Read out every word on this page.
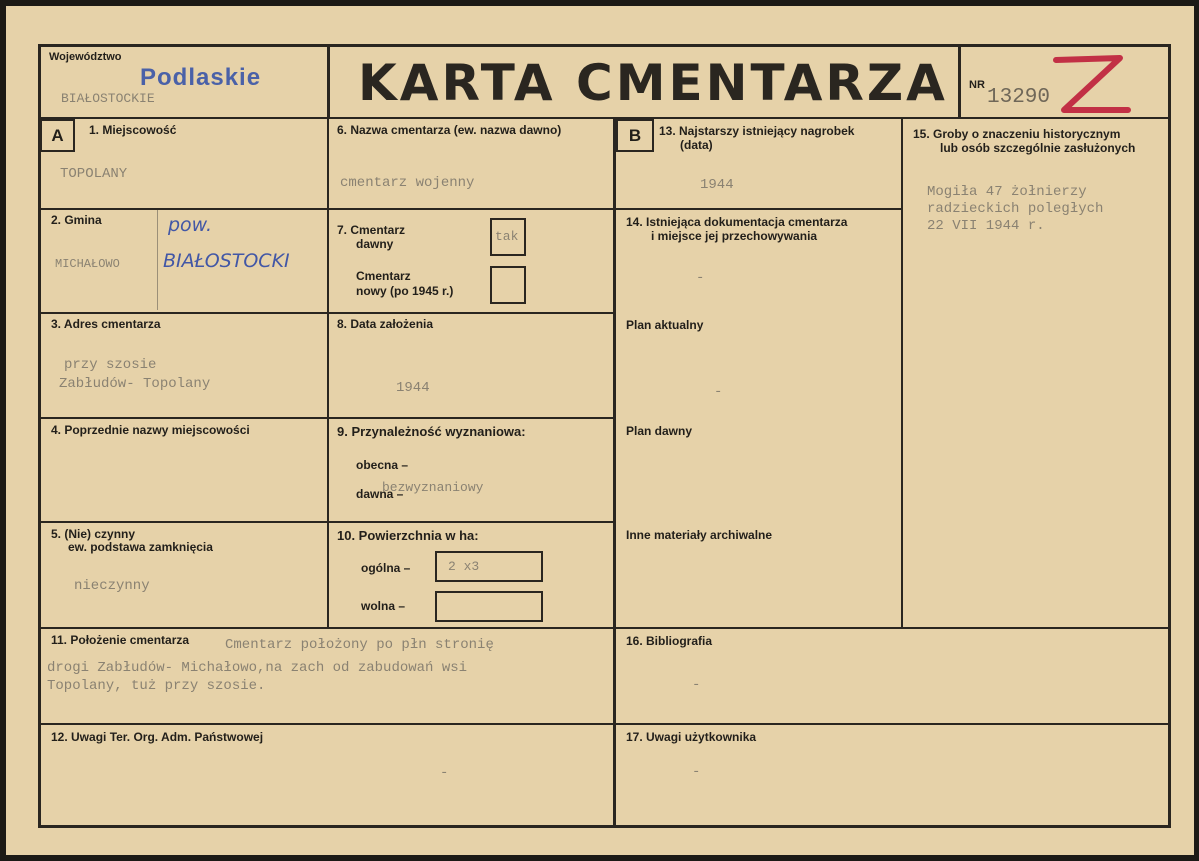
Województwo
Podlaskie
BIAŁOSTOCKIE	KARTA CMENTARZA NR
13290
A	B
1. Miejscowość
TOPOLANY
2. Gmina	pow.
MICHAŁOWO BIAŁOSTOCKI
3. Adres cmentarza
przy szosie
Zabłudów- Topolany
4. Poprzednie nazwy miejscowości
5. (Nie) czynny
ew. podstawa zamknięcia
nieczynny
6. Nazwa cmentarza (ew. nazwa dawno)
cmentarz wojenny
7. Cmentarz
dawny	tak
Cmentarz
nowy (po 1945 r.)
8. Data założenia
1944
9. Przynależność wyznaniowa:
obecna –
bezwyznaniowy
dawna –
10. Powierzchnia w ha:
ogólna –	2 x3
wolna –
11. Położenie cmentarza	Cmentarz położony po płn stronię
drogi Zabłudów- Michałowo,na zach od zabudowań wsi
Topolany, tuż przy szosie.
12. Uwagi Ter. Org. Adm. Państwowej
-
13. Najstarszy istniejący nagrobek
(data)
1944
14. Istniejąca dokumentacja cmentarza
i miejsce jej przechowywania
-
Plan aktualny
-
Plan dawny
Inne materiały archiwalne
15. Groby o znaczeniu historycznym
lub osób szczególnie zasłużonych
Mogiła 47 żołnierzy
radzieckich poległych
22 VII 1944 r.
16. Bibliografia
-
17. Uwagi użytkownika
-
